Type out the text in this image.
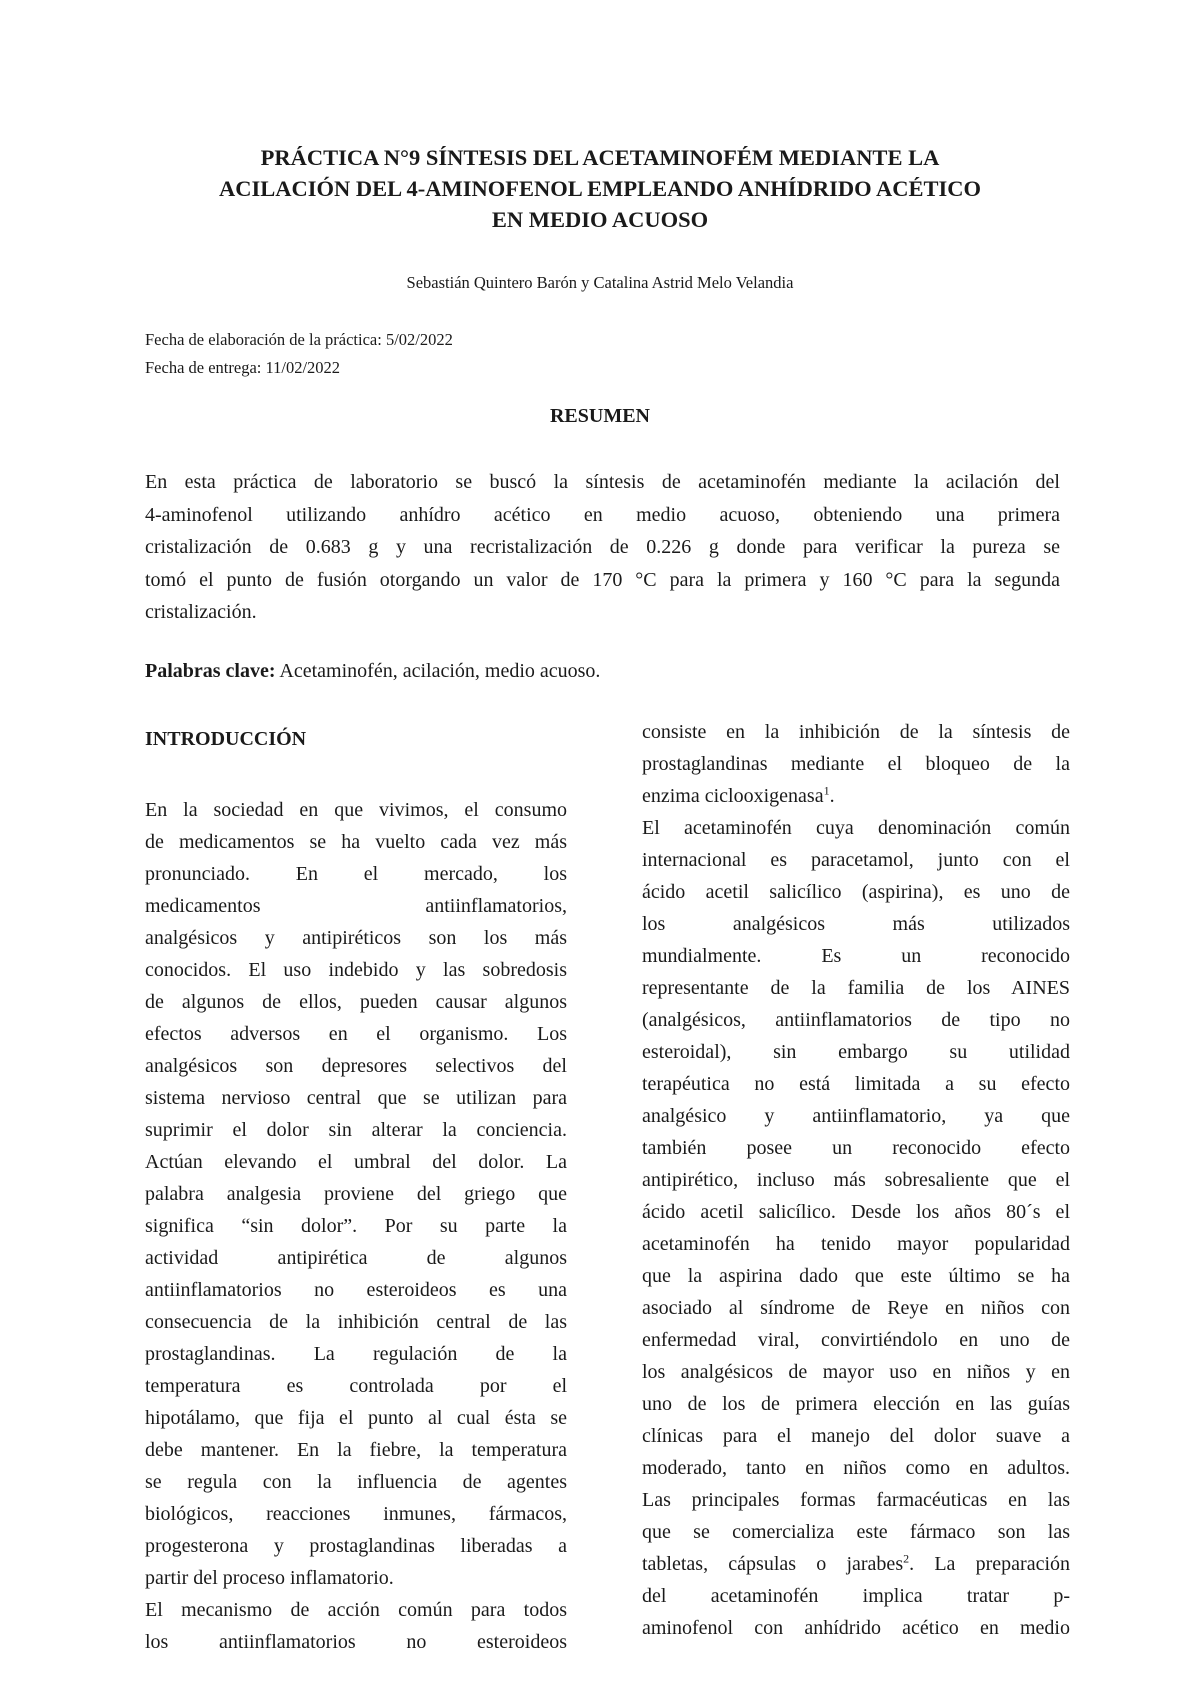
PRÁCTICA N°9 SÍNTESIS DEL ACETAMINOFÉM MEDIANTE LA
ACILACIÓN DEL 4-AMINOFENOL EMPLEANDO ANHÍDRIDO ACÉTICO
EN MEDIO ACUOSO
Sebastián Quintero Barón y Catalina Astrid Melo Velandia
Fecha de elaboración de la práctica: 5/02/2022
Fecha de entrega: 11/02/2022
RESUMEN
En esta práctica de laboratorio se buscó la síntesis de acetaminofén mediante la acilación del
4-aminofenol utilizando anhídro acético en medio acuoso, obteniendo una primera
cristalización de 0.683 g y una recristalización de 0.226 g donde para verificar la pureza se
tomó el punto de fusión otorgando un valor de 170 °C para la primera y 160 °C para la segunda
cristalización.
Palabras clave: Acetaminofén, acilación, medio acuoso.
INTRODUCCIÓN
En la sociedad en que vivimos, el consumo
de medicamentos se ha vuelto cada vez más
pronunciado. En el mercado, los
medicamentos antiinflamatorios,
analgésicos y antipiréticos son los más
conocidos. El uso indebido y las sobredosis
de algunos de ellos, pueden causar algunos
efectos adversos en el organismo. Los
analgésicos son depresores selectivos del
sistema nervioso central que se utilizan para
suprimir el dolor sin alterar la conciencia.
Actúan elevando el umbral del dolor. La
palabra analgesia proviene del griego que
significa “sin dolor”. Por su parte la
actividad antipirética de algunos
antiinflamatorios no esteroideos es una
consecuencia de la inhibición central de las
prostaglandinas. La regulación de la
temperatura es controlada por el
hipotálamo, que fija el punto al cual ésta se
debe mantener. En la fiebre, la temperatura
se regula con la influencia de agentes
biológicos, reacciones inmunes, fármacos,
progesterona y prostaglandinas liberadas a
partir del proceso inflamatorio.
El mecanismo de acción común para todos
los antiinflamatorios no esteroideos
consiste en la inhibición de la síntesis de
prostaglandinas mediante el bloqueo de la
enzima ciclooxigenasa$^1$.
El acetaminofén cuya denominación común
internacional es paracetamol, junto con el
ácido acetil salicílico (aspirina), es uno de
los analgésicos más utilizados
mundialmente. Es un reconocido
representante de la familia de los AINES
(analgésicos, antiinflamatorios de tipo no
esteroidal), sin embargo su utilidad
terapéutica no está limitada a su efecto
analgésico y antiinflamatorio, ya que
también posee un reconocido efecto
antipirético, incluso más sobresaliente que el
ácido acetil salicílico. Desde los años 80´s el
acetaminofén ha tenido mayor popularidad
que la aspirina dado que este último se ha
asociado al síndrome de Reye en niños con
enfermedad viral, convirtiéndolo en uno de
los analgésicos de mayor uso en niños y en
uno de los de primera elección en las guías
clínicas para el manejo del dolor suave a
moderado, tanto en niños como en adultos.
Las principales formas farmacéuticas en las
que se comercializa este fármaco son las
tabletas, cápsulas o jarabes$^2$. La preparación
del acetaminofén implica tratar p-
aminofenol con anhídrido acético en medio
